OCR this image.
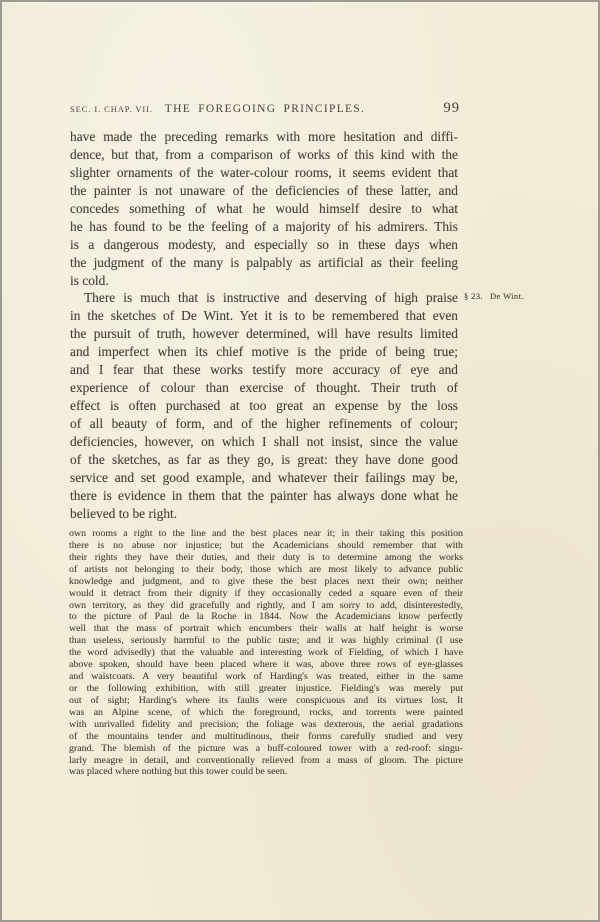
SEC. I. CHAP. VII. THE FOREGOING PRINCIPLES.	99
have made the preceding remarks with more hesitation and diffi-
dence, but that, from a comparison of works of this kind with the
slighter ornaments of the water-colour rooms, it seems evident that
the painter is not unaware of the deficiencies of these latter, and
concedes something of what he would himself desire to what
he has found to be the feeling of a majority of his admirers. This
is a dangerous modesty, and especially so in these days when
the judgment of the many is palpably as artificial as their feeling
is cold.
There is much that is instructive and deserving of high praise
in the sketches of De Wint. Yet it is to be remembered that even
the pursuit of truth, however determined, will have results limited
and imperfect when its chief motive is the pride of being true;
and I fear that these works testify more accuracy of eye and
experience of colour than exercise of thought. Their truth of
effect is often purchased at too great an expense by the loss
of all beauty of form, and of the higher refinements of colour;
deficiencies, however, on which I shall not insist, since the value
of the sketches, as far as they go, is great: they have done good
service and set good example, and whatever their failings may be,
there is evidence in them that the painter has always done what he
believed to be right.
§ 23. De Wint.
own rooms a right to the line and the best places near it; in their taking this position
there is no abuse nor injustice; but the Academicians should remember that with
their rights they have their duties, and their duty is to determine among the works
of artists not belonging to their body, those which are most likely to advance public
knowledge and judgment, and to give these the best places next their own; neither
would it detract from their dignity if they occasionally ceded a square even of their
own territory, as they did gracefully and rightly, and I am sorry to add, disinterestedly,
to the picture of Paul de la Roche in 1844. Now the Academicians know perfectly
well that the mass of portrait which encumbers their walls at half height is worse
than useless, seriously harmful to the public taste; and it was highly criminal (I use
the word advisedly) that the valuable and interesting work of Fielding, of which I have
above spoken, should have been placed where it was, above three rows of eye-glasses
and waistcoats. A very beautiful work of Harding's was treated, either in the same
or the following exhibition, with still greater injustice. Fielding's was merely put
out of sight; Harding's where its faults were conspicuous and its virtues lost. It
was an Alpine scene, of which the foreground, rocks, and torrents were painted
with unrivalled fidelity and precision; the foliage was dexterous, the aerial gradations
of the mountains tender and multitudinous, their forms carefully studied and very
grand. The blemish of the picture was a buff-coloured tower with a red-roof: singu-
larly meagre in detail, and conventionally relieved from a mass of gloom. The picture
was placed where nothing but this tower could be seen.
